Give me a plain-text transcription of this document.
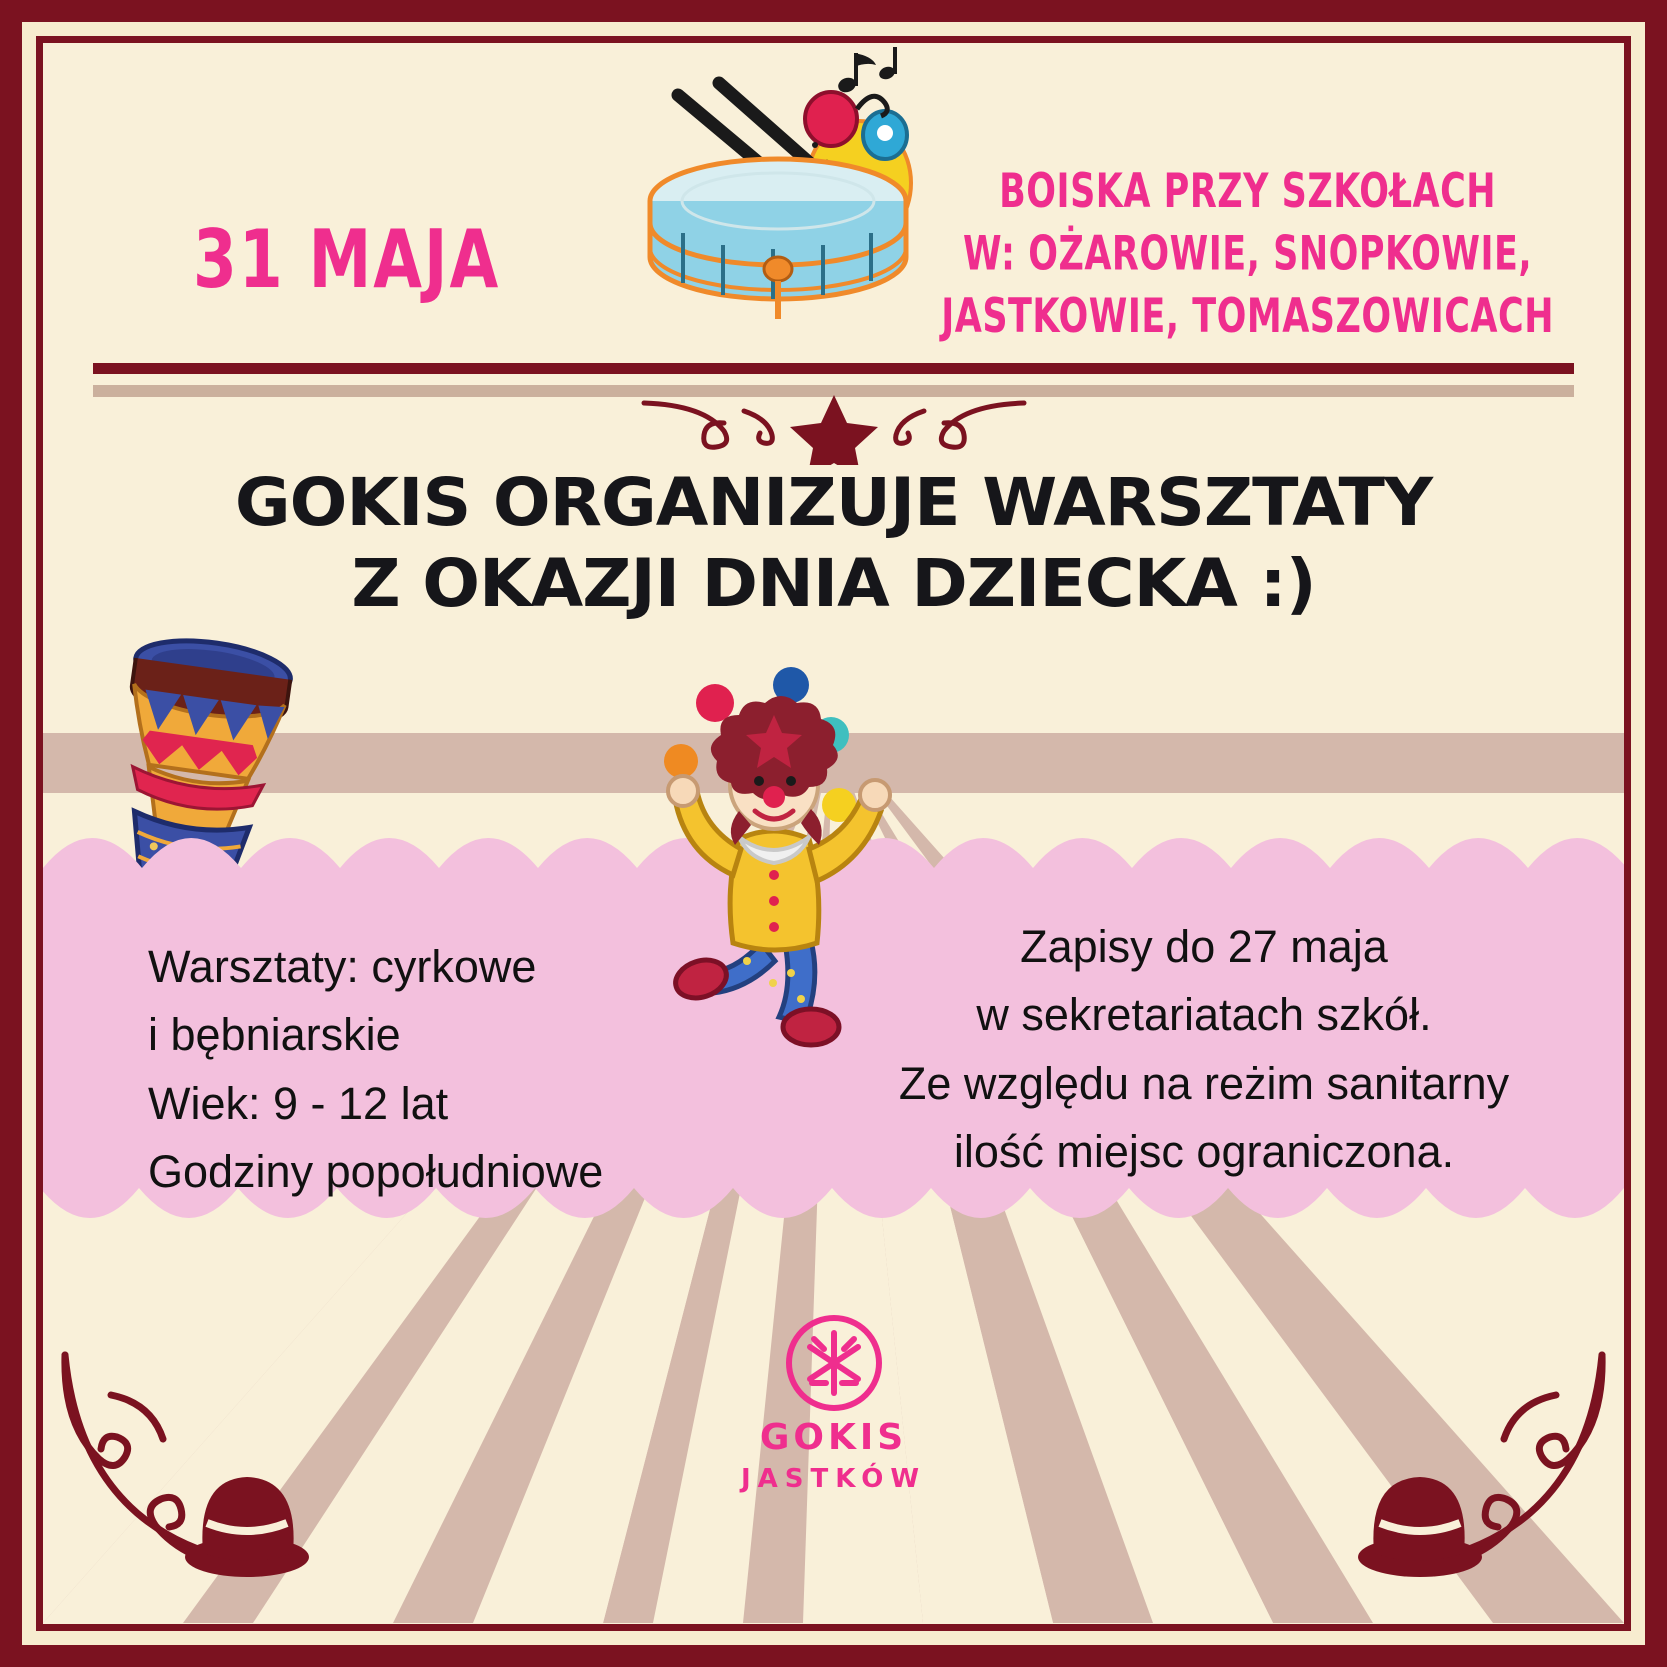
31 MAJA
BOISKA PRZY SZKOŁACH
W: OŻAROWIE, SNOPKOWIE,
JASTKOWIE, TOMASZOWICACH
GOKIS ORGANIZUJE WARSZTATY
Z OKAZJI DNIA DZIECKA :)
Warsztaty: cyrkowe
i bębniarskie
Wiek: 9 - 12 lat
Godziny popołudniowe
Zapisy do 27 maja
w sekretariatach szkół.
Ze względu na reżim sanitarny
ilość miejsc ograniczona.
GOKIS
JASTKÓW
